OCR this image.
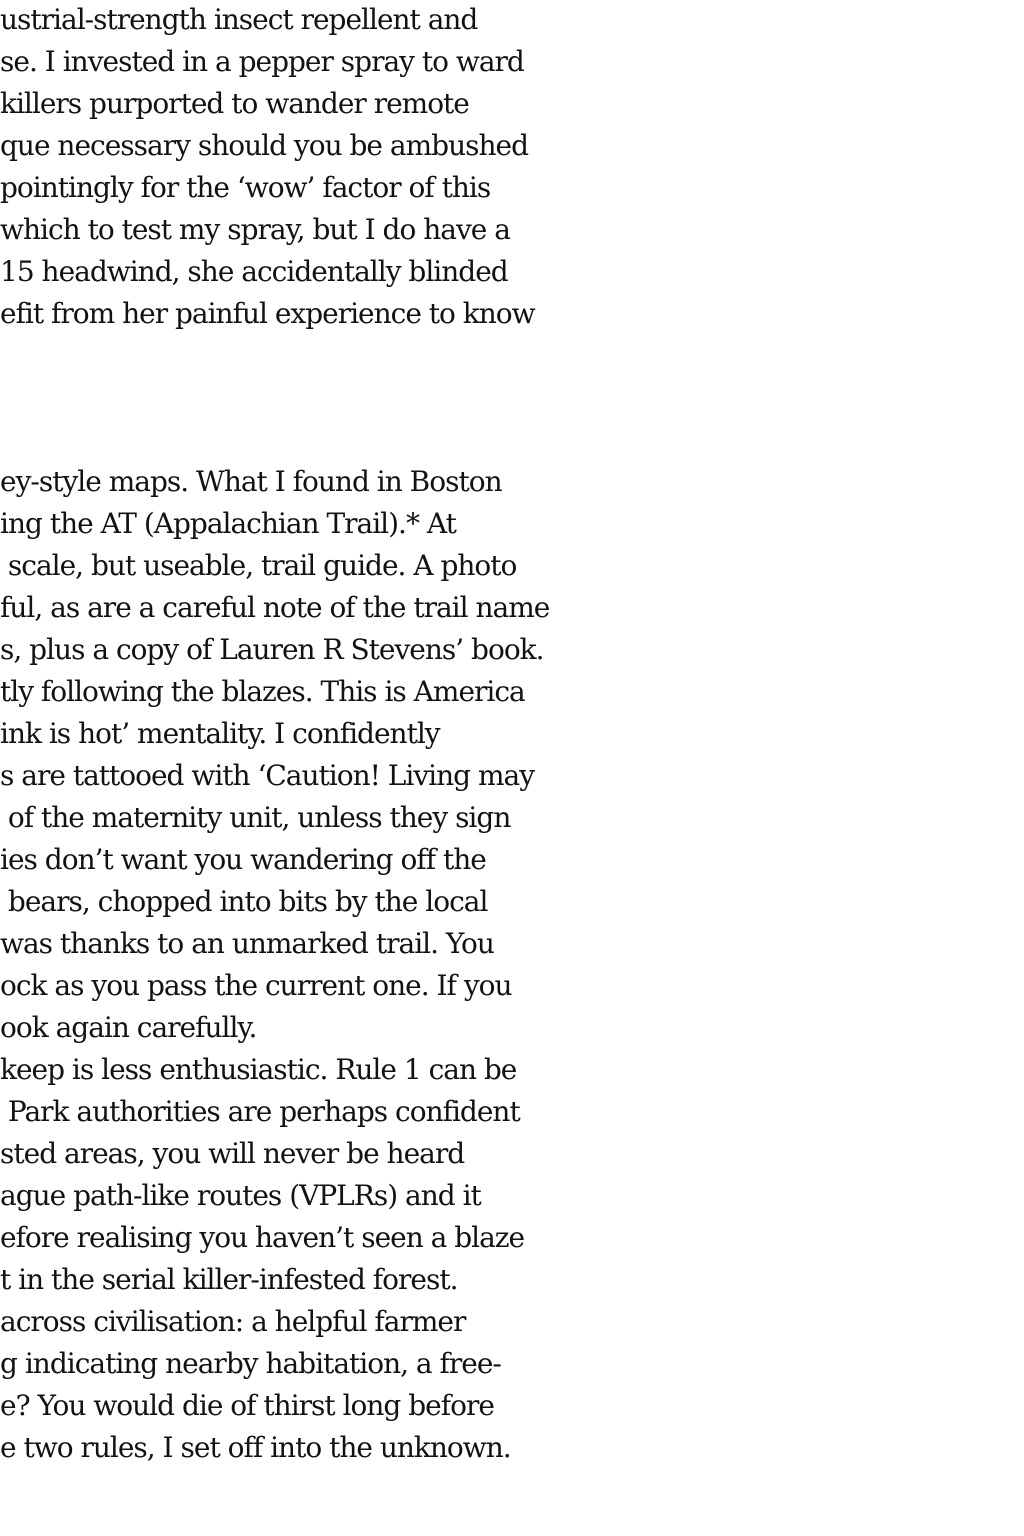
ustrial-strength insect repellent and
se. I invested in a pepper spray to ward
killers purported to wander remote
que necessary should you be ambushed
pointingly for the ‘wow’ factor of this
which to test my spray, but I do have a
15 headwind, she accidentally blinded
efit from her painful experience to know
ey-style maps. What I found in Boston
ing the AT (Appalachian Trail).* At
scale, but useable, trail guide. A photo
ful, as are a careful note of the trail name
s, plus a copy of Lauren R Stevens’ book.
tly following the blazes. This is America
ink is hot’ mentality. I confidently
s are tattooed with ‘Caution! Living may
of the maternity unit, unless they sign
ies don’t want you wandering off the
bears, chopped into bits by the local
was thanks to an unmarked trail. You
ock as you pass the current one. If you
ook again carefully.
keep is less enthusiastic. Rule 1 can be
Park authorities are perhaps confident
sted areas, you will never be heard
ague path-like routes (VPLRs) and it
efore realising you haven’t seen a blaze
t in the serial killer-infested forest.
across civilisation: a helpful farmer
g indicating nearby habitation, a free-
e? You would die of thirst long before
e two rules, I set off into the unknown.
